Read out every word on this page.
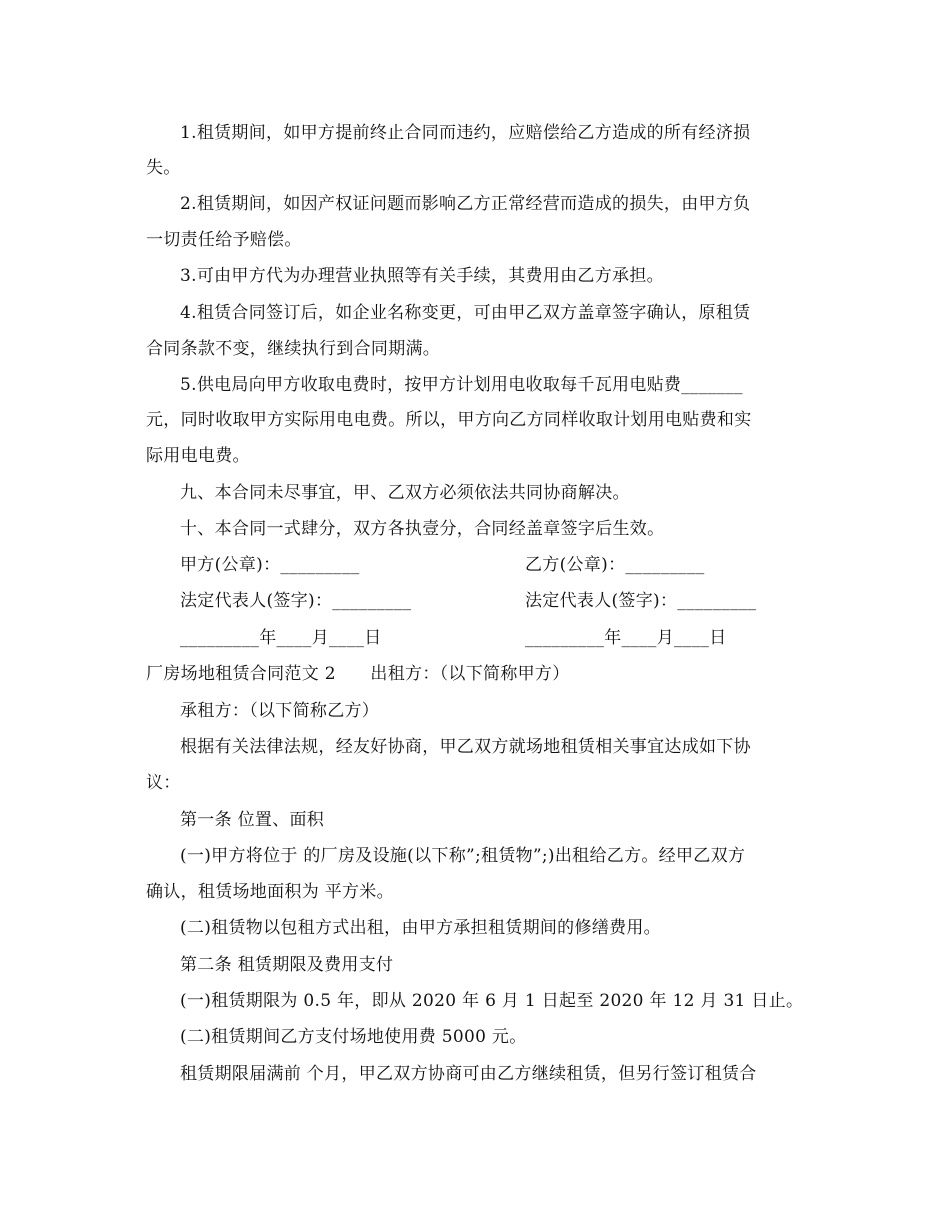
1.租赁期间，如甲方提前终止合同而违约，应赔偿给乙方造成的所有经济损
失。
2.租赁期间，如因产权证问题而影响乙方正常经营而造成的损失，由甲方负
一切责任给予赔偿。
3.可由甲方代为办理营业执照等有关手续，其费用由乙方承担。
4.租赁合同签订后，如企业名称变更，可由甲乙双方盖章签字确认，原租赁
合同条款不变，继续执行到合同期满。
5.供电局向甲方收取电费时，按甲方计划用电收取每千瓦用电贴费_______
元，同时收取甲方实际用电电费。所以，甲方向乙方同样收取计划用电贴费和实
际用电电费。
九、本合同未尽事宜，甲、乙双方必须依法共同协商解决。
十、本合同一式肆分，双方各执壹分，合同经盖章签字后生效。
甲方(公章)：_________	乙方(公章)：_________
法定代表人(签字)：_________	法定代表人(签字)：_________
_________年____月____日	_________年____月____日
厂房场地租赁合同范文 2　　出租方：（以下简称甲方）
承租方：（以下简称乙方）
根据有关法律法规，经友好协商，甲乙双方就场地租赁相关事宜达成如下协
议：
第一条 位置、面积
(一)甲方将位于 的厂房及设施(以下称”;租赁物”;)出租给乙方。经甲乙双方
确认，租赁场地面积为 平方米。
(二)租赁物以包租方式出租，由甲方承担租赁期间的修缮费用。
第二条 租赁期限及费用支付
(一)租赁期限为 0.5 年，即从 2020 年 6 月 1 日起至 2020 年 12 月 31 日止。
(二)租赁期间乙方支付场地使用费 5000 元。
租赁期限届满前 个月，甲乙双方协商可由乙方继续租赁，但另行签订租赁合
